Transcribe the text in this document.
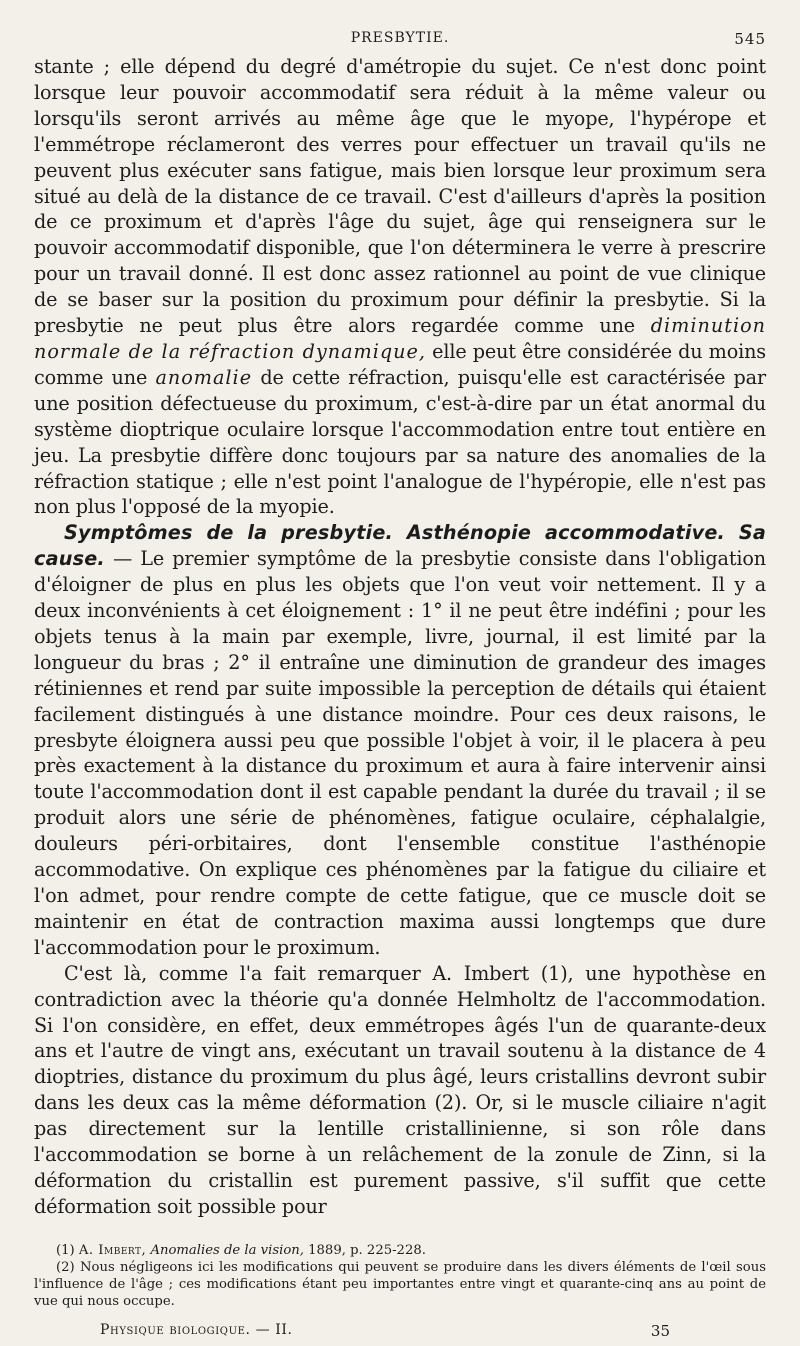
PRESBYTIE.	545

stante ; elle dépend du degré d'amétropie du sujet. Ce n'est donc point lorsque leur pouvoir accommodatif sera réduit à la même valeur ou lorsqu'ils seront arrivés au même âge que le myope, l'hypérope et l'emmétrope réclameront des verres pour effectuer un travail qu'ils ne peuvent plus exécuter sans fatigue, mais bien lorsque leur proximum sera situé au delà de la distance de ce travail. C'est d'ailleurs d'après la position de ce proximum et d'après l'âge du sujet, âge qui renseignera sur le pouvoir accommodatif disponible, que l'on déterminera le verre à prescrire pour un travail donné. Il est donc assez rationnel au point de vue clinique de se baser sur la position du proximum pour définir la presbytie. Si la presbytie ne peut plus être alors regardée comme une diminution normale de la réfraction dynamique, elle peut être considérée du moins comme une anomalie de cette réfraction, puisqu'elle est caractérisée par une position défectueuse du proximum, c'est-à-dire par un état anormal du système dioptrique oculaire lorsque l'accommodation entre tout entière en jeu. La presbytie diffère donc toujours par sa nature des anomalies de la réfraction statique ; elle n'est point l'analogue de l'hypéropie, elle n'est pas non plus l'opposé de la myopie.

Symptômes de la presbytie. Asthénopie accommodative. Sa cause. — Le premier symptôme de la presbytie consiste dans l'obligation d'éloigner de plus en plus les objets que l'on veut voir nettement. Il y a deux inconvénients à cet éloignement : 1° il ne peut être indéfini ; pour les objets tenus à la main par exemple, livre, journal, il est limité par la longueur du bras ; 2° il entraîne une diminution de grandeur des images rétiniennes et rend par suite impossible la perception de détails qui étaient facilement distingués à une distance moindre. Pour ces deux raisons, le presbyte éloignera aussi peu que possible l'objet à voir, il le placera à peu près exactement à la distance du proximum et aura à faire intervenir ainsi toute l'accommodation dont il est capable pendant la durée du travail ; il se produit alors une série de phénomènes, fatigue oculaire, céphalalgie, douleurs péri-orbitaires, dont l'ensemble constitue l'asthénopie accommodative. On explique ces phénomènes par la fatigue du ciliaire et l'on admet, pour rendre compte de cette fatigue, que ce muscle doit se maintenir en état de contraction maxima aussi longtemps que dure l'accommodation pour le proximum.

C'est là, comme l'a fait remarquer A. Imbert (1), une hypothèse en contradiction avec la théorie qu'a donnée Helmholtz de l'accommodation. Si l'on considère, en effet, deux emmétropes âgés l'un de quarante-deux ans et l'autre de vingt ans, exécutant un travail soutenu à la distance de 4 dioptries, distance du proximum du plus âgé, leurs cristallins devront subir dans les deux cas la même déformation (2). Or, si le muscle ciliaire n'agit pas directement sur la lentille cristallinienne, si son rôle dans l'accommodation se borne à un relâchement de la zonule de Zinn, si la déformation du cristallin est purement passive, s'il suffit que cette déformation soit possible pour

(1) A. Imbert, Anomalies de la vision, 1889, p. 225-228.

(2) Nous négligeons ici les modifications qui peuvent se produire dans les divers éléments de l'œil sous l'influence de l'âge ; ces modifications étant peu importantes entre vingt et quarante-cinq ans au point de vue qui nous occupe.

Physique biologique. — II.	35
